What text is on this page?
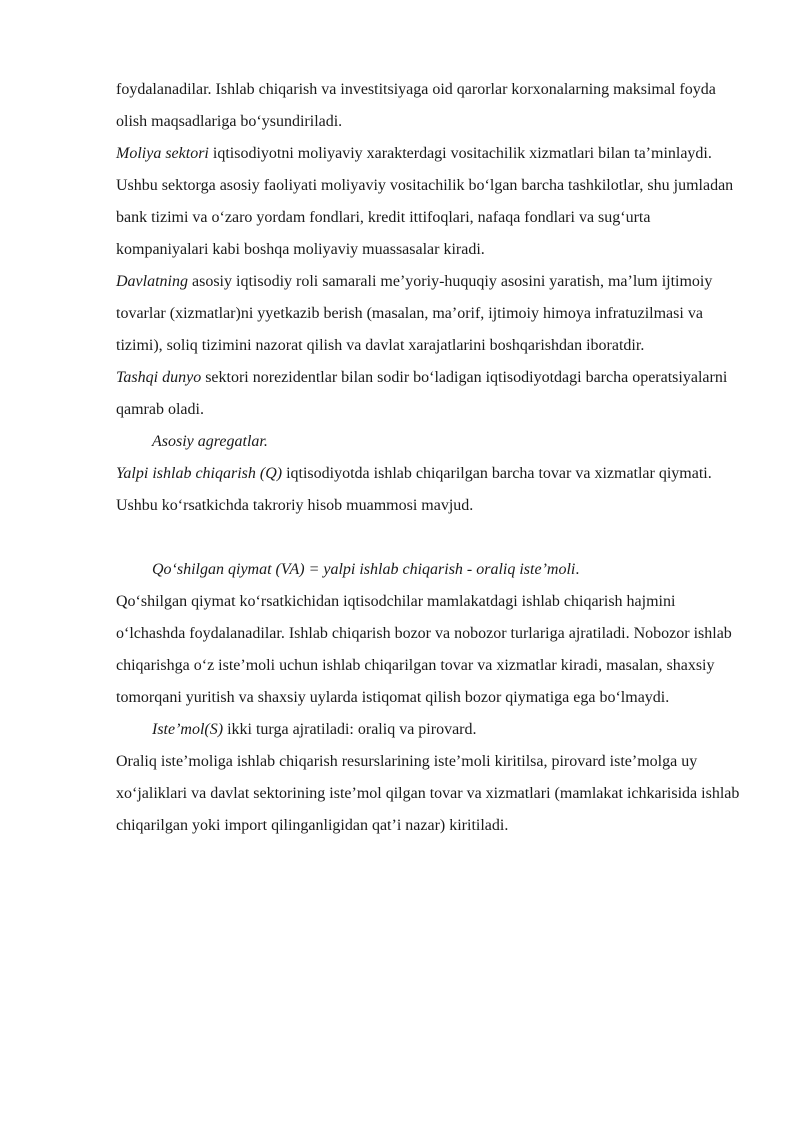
foydalanadilar. Ishlab chiqarish va investitsiyaga oid qarorlar korxonalarning maksimal foyda olish maqsadlariga bo‘ysundiriladi.

Moliya sektori iqtisodiyotni moliyaviy xarakterdagi vositachilik xizmatlari bilan ta’minlaydi. Ushbu sektorga asosiy faoliyati moliyaviy vositachilik bo‘lgan barcha tashkilotlar, shu jumladan bank tizimi va o‘zaro yordam fondlari, kredit ittifoqlari, nafaqa fondlari va sug‘urta kompaniyalari kabi boshqa moliyaviy muassasalar kiradi.

Davlatning asosiy iqtisodiy roli samarali me’yoriy-huquqiy asosini yaratish, ma’lum ijtimoiy tovarlar (xizmatlar)ni yyetkazib berish (masalan, ma’orif, ijtimoiy himoya infratuzilmasi va tizimi), soliq tizimini nazorat qilish va davlat xarajatlarini boshqarishdan iboratdir.

Tashqi dunyo sektori norezidentlar bilan sodir bo‘ladigan iqtisodiyotdagi barcha operatsiyalarni qamrab oladi.

Asosiy agregatlar.

Yalpi ishlab chiqarish (Q) iqtisodiyotda ishlab chiqarilgan barcha tovar va xizmatlar qiymati. Ushbu ko‘rsatkichda takroriy hisob muammosi mavjud.

Qo‘shilgan qiymat (VA) = yalpi ishlab chiqarish - oraliq iste’moli.

Qo‘shilgan qiymat ko‘rsatkichidan iqtisodchilar mamlakatdagi ishlab chiqarish hajmini o‘lchashda foydalanadilar. Ishlab chiqarish bozor va nobozor turlariga ajratiladi. Nobozor ishlab chiqarishga o‘z iste’moli uchun ishlab chiqarilgan tovar va xizmatlar kiradi, masalan, shaxsiy tomorqani yuritish va shaxsiy uylarda istiqomat qilish bozor qiymatiga ega bo‘lmaydi.

Iste’mol(S) ikki turga ajratiladi: oraliq va pirovard.

Oraliq iste’moliga ishlab chiqarish resurslarining iste’moli kiritilsa, pirovard iste’molga uy xo‘jaliklari va davlat sektorining iste’mol qilgan tovar va xizmatlari (mamlakat ichkarisida ishlab chiqarilgan yoki import qilinganligidan qat’i nazar) kiritiladi.
